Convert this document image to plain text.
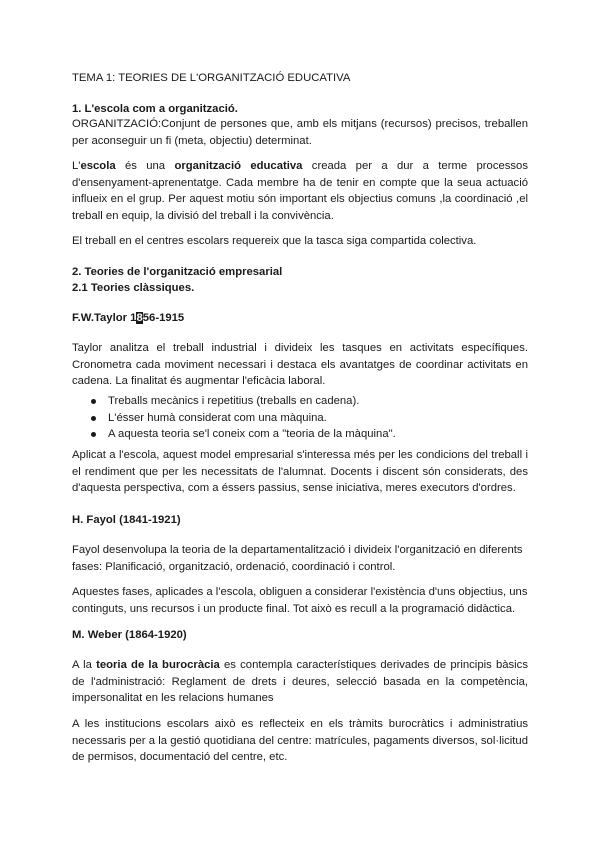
TEMA 1: TEORIES DE L'ORGANITZACIÓ EDUCATIVA

1. L'escola com a organització.

ORGANITZACIÓ:Conjunt de persones que, amb els mitjans (recursos) precisos, treballen per aconseguir un fi (meta, objectiu) determinat.

L'escola és una organització educativa creada per a dur a terme processos d'ensenyament-aprenentatge. Cada membre ha de tenir en compte que la seua actuació influeix en el grup. Per aquest motiu són important els objectius comuns ,la coordinació ,el treball en equip, la divisió del treball i la convivència.

El treball en el centres escolars requereix que la tasca siga compartida colectiva.

2. Teories de l'organització empresarial

2.1 Teories clàssiques.

F.W.Taylor 1856-1915

Taylor analitza el treball industrial i divideix les tasques en activitats específiques. Cronometra cada moviment necessari i destaca els avantatges de coordinar activitats en cadena. La finalitat és augmentar l'eficàcia laboral.

Treballs mecànics i repetitius (treballs en cadena).
L'ésser humà considerat com una màquina.
A aquesta teoria se'l coneix com a "teoria de la màquina".

Aplicat a l'escola, aquest model empresarial s'interessa més per les condicions del treball i el rendiment que per les necessitats de l'alumnat. Docents i discent són considerats, des d'aquesta perspectiva, com a éssers passius, sense iniciativa, meres executors d'ordres.

H. Fayol (1841-1921)

Fayol desenvolupa la teoria de la departamentalització i divideix l'organització en diferents fases: Planificació, organització, ordenació, coordinació i control.

Aquestes fases, aplicades a l'escola, obliguen a considerar l'existència d'uns objectius, uns continguts, uns recursos i un producte final. Tot això es recull a la programació didàctica.

M. Weber (1864-1920)

A la teoria de la burocràcia es contempla característiques derivades de principis bàsics de l'administració: Reglament de drets i deures, selecció basada en la competència, impersonalitat en les relacions humanes

A les institucions escolars això es reflecteix en els tràmits burocràtics i administratius necessaris per a la gestió quotidiana del centre: matrícules, pagaments diversos, sol·licitud de permisos, documentació del centre, etc.
